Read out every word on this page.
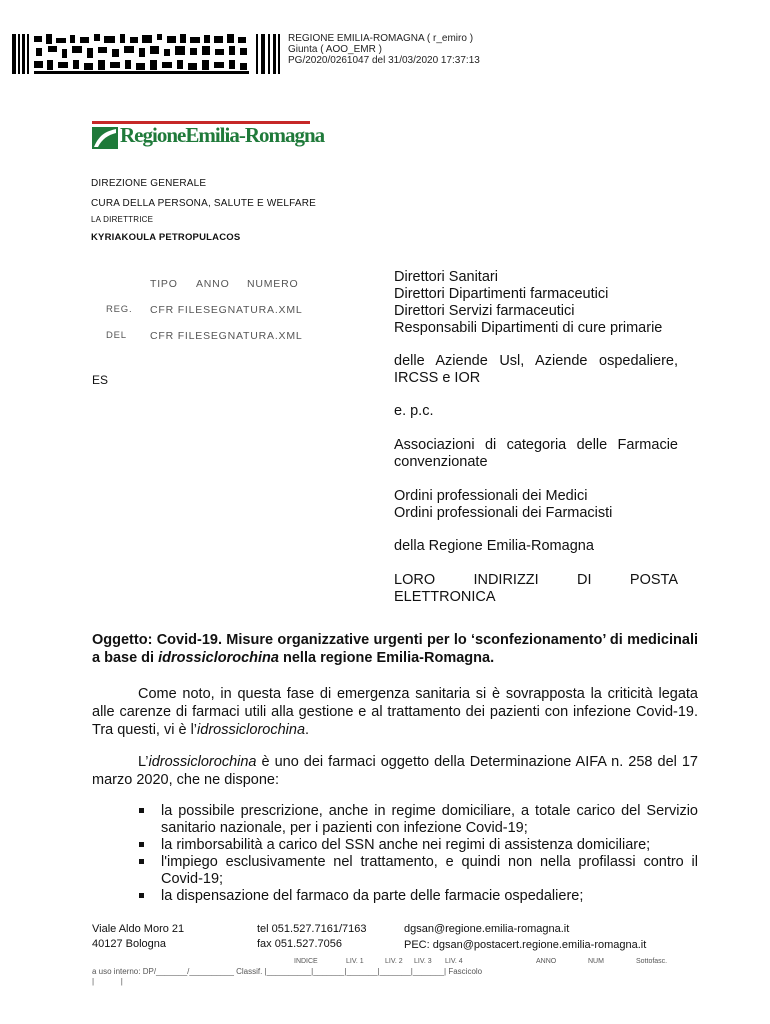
REGIONE EMILIA-ROMAGNA ( r_emiro )
Giunta ( AOO_EMR )
PG/2020/0261047 del 31/03/2020 17:37:13
RegioneEmilia-Romagna
DIREZIONE GENERALE
CURA DELLA PERSONA, SALUTE E WELFARE
LA DIRETTRICE
KYRIAKOULA PETROPULACOS
TIPO ANNO NUMERO
REG. CFR FILESEGNATURA.XML
DEL CFR FILESEGNATURA.XML
ES
Direttori Sanitari
Direttori Dipartimenti farmaceutici
Direttori Servizi farmaceutici
Responsabili Dipartimenti di cure primarie
delle Aziende Usl, Aziende ospedaliere,
IRCSS e IOR
e. p.c.
Associazioni di categoria delle Farmacie
convenzionate
Ordini professionali dei Medici
Ordini professionali dei Farmacisti
della Regione Emilia-Romagna
LORO INDIRIZZI DI POSTA
ELETTRONICA
Oggetto: Covid-19. Misure organizzative urgenti per lo ‘sconfezionamento’ di medicinali a base di idrossiclorochina nella regione Emilia-Romagna.
Come noto, in questa fase di emergenza sanitaria si è sovrapposta la criticità legata alle carenze di farmaci utili alla gestione e al trattamento dei pazienti con infezione Covid-19. Tra questi, vi è l’idrossiclorochina.
L’idrossiclorochina è uno dei farmaci oggetto della Determinazione AIFA n. 258 del 17 marzo 2020, che ne dispone:
la possibile prescrizione, anche in regime domiciliare, a totale carico del Servizio sanitario nazionale, per i pazienti con infezione Covid-19;
la rimborsabilità a carico del SSN anche nei regimi di assistenza domiciliare;
l'impiego esclusivamente nel trattamento, e quindi non nella profilassi contro il Covid-19;
la dispensazione del farmaco da parte delle farmacie ospedaliere;
Viale Aldo Moro 21
40127 Bologna
tel 051.527.7161/7163
fax 051.527.7056
dgsan@regione.emilia-romagna.it
PEC: dgsan@postacert.regione.emilia-romagna.it
INDICE	LIV. 1	LIV. 2 LIV. 3 LIV. 4	ANNO	NUM	Sottofasc.
a uso interno: DP/_______/__________ Classif. |__________|_______|_______|_______|_______| Fascicolo
|            |
